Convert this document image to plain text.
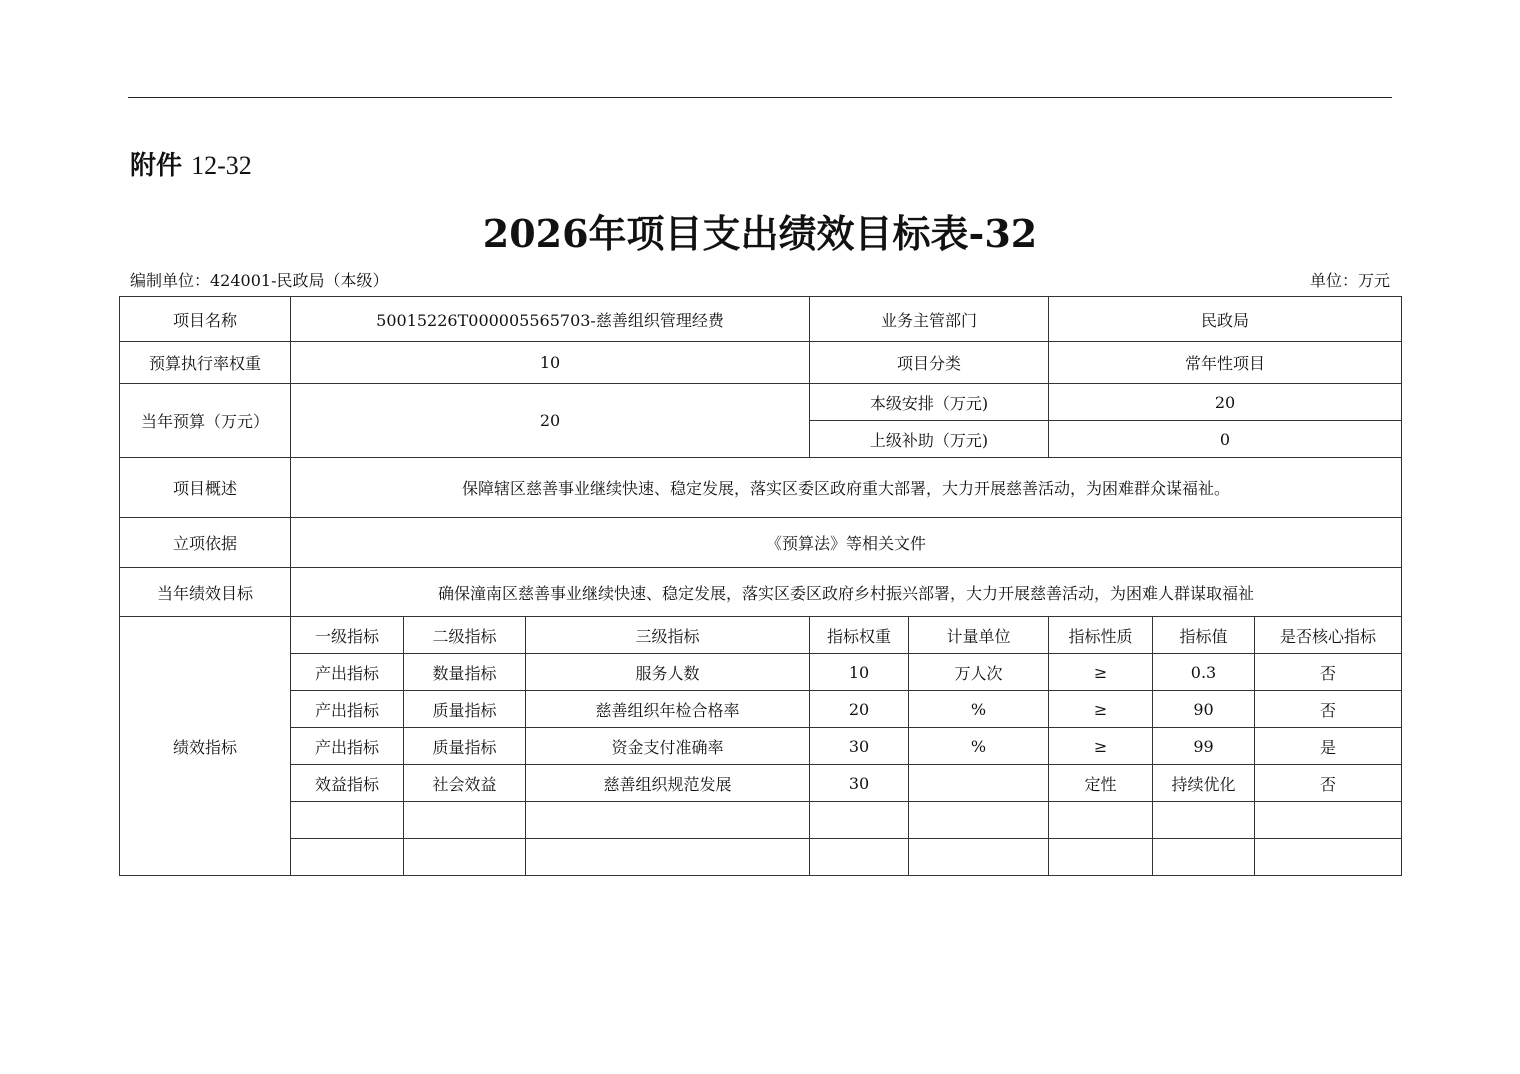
附件 12-32
2026年项目支出绩效目标表-32
编制单位：424001-民政局（本级）	单位：万元
项目名称	50015226T000005565703-慈善组织管理经费			业务主管部门		民政局		
预算执行率权重	10			项目分类		常年性项目		
当年预算（万元）	20			本级安排（万元)		20		
				上级补助（万元)		0		
项目概述	保障辖区慈善事业继续快速、稳定发展，落实区委区政府重大部署，大力开展慈善活动，为困难群众谋福祉。							
立项依据	《预算法》等相关文件							
当年绩效目标	确保潼南区慈善事业继续快速、稳定发展，落实区委区政府乡村振兴部署，大力开展慈善活动，为困难人群谋取福祉							
绩效指标	一级指标	二级指标	三级指标	指标权重	计量单位	指标性质	指标值	是否核心指标
	产出指标	数量指标	服务人数	10	万人次	≥	0.3	否
	产出指标	质量指标	慈善组织年检合格率	20	%	≥	90	否
	产出指标	质量指标	资金支付准确率	30	%	≥	99	是
	效益指标	社会效益	慈善组织规范发展	30		定性	持续优化	否
